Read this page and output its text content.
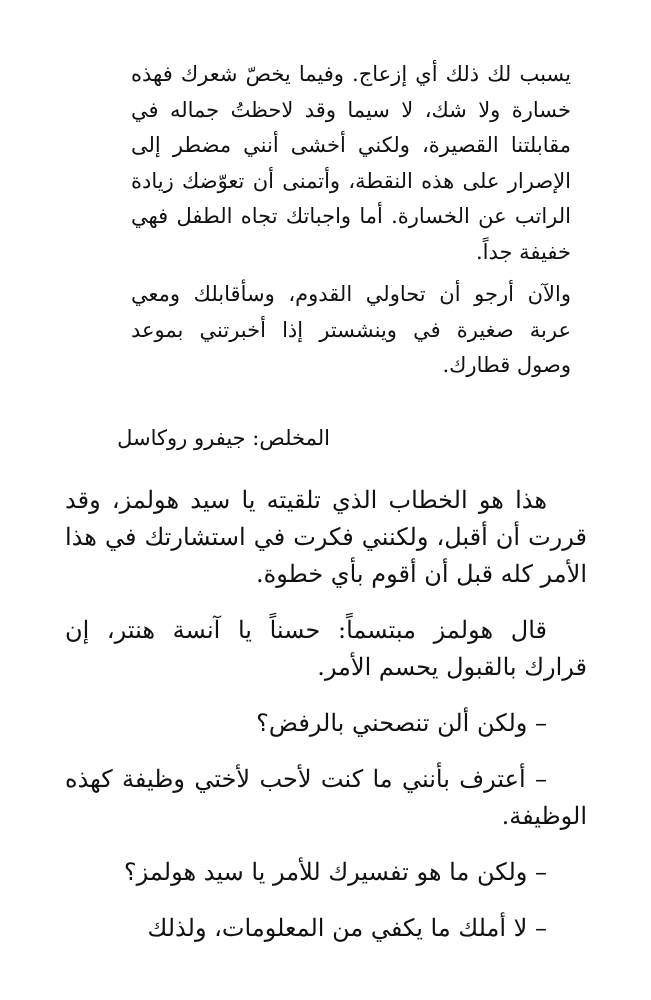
يسبب لك ذلك أي إزعاج. وفيما يخصّ شعرك فهذه خسارة ولا شك، لا سيما وقد لاحظتُ جماله في مقابلتنا القصيرة، ولكني أخشى أنني مضطر إلى الإصرار على هذه النقطة، وأتمنى أن تعوّضك زيادة الراتب عن الخسارة. أما واجباتك تجاه الطفل فهي خفيفة جداً.

والآن أرجو أن تحاولي القدوم، وسأقابلك ومعي عربة صغيرة في وينشستر إذا أخبرتني بموعد وصول قطارك.

المخلص: جيفرو روكاسل

هذا هو الخطاب الذي تلقيته يا سيد هولمز، وقد قررت أن أقبل، ولكنني فكرت في استشارتك في هذا الأمر كله قبل أن أقوم بأي خطوة.

قال هولمز مبتسماً: حسناً يا آنسة هنتر، إن قرارك بالقبول يحسم الأمر.

– ولكن ألن تنصحني بالرفض؟

– أعترف بأنني ما كنت لأحب لأختي وظيفة كهذه الوظيفة.

– ولكن ما هو تفسيرك للأمر يا سيد هولمز؟

– لا أملك ما يكفي من المعلومات، ولذلك
